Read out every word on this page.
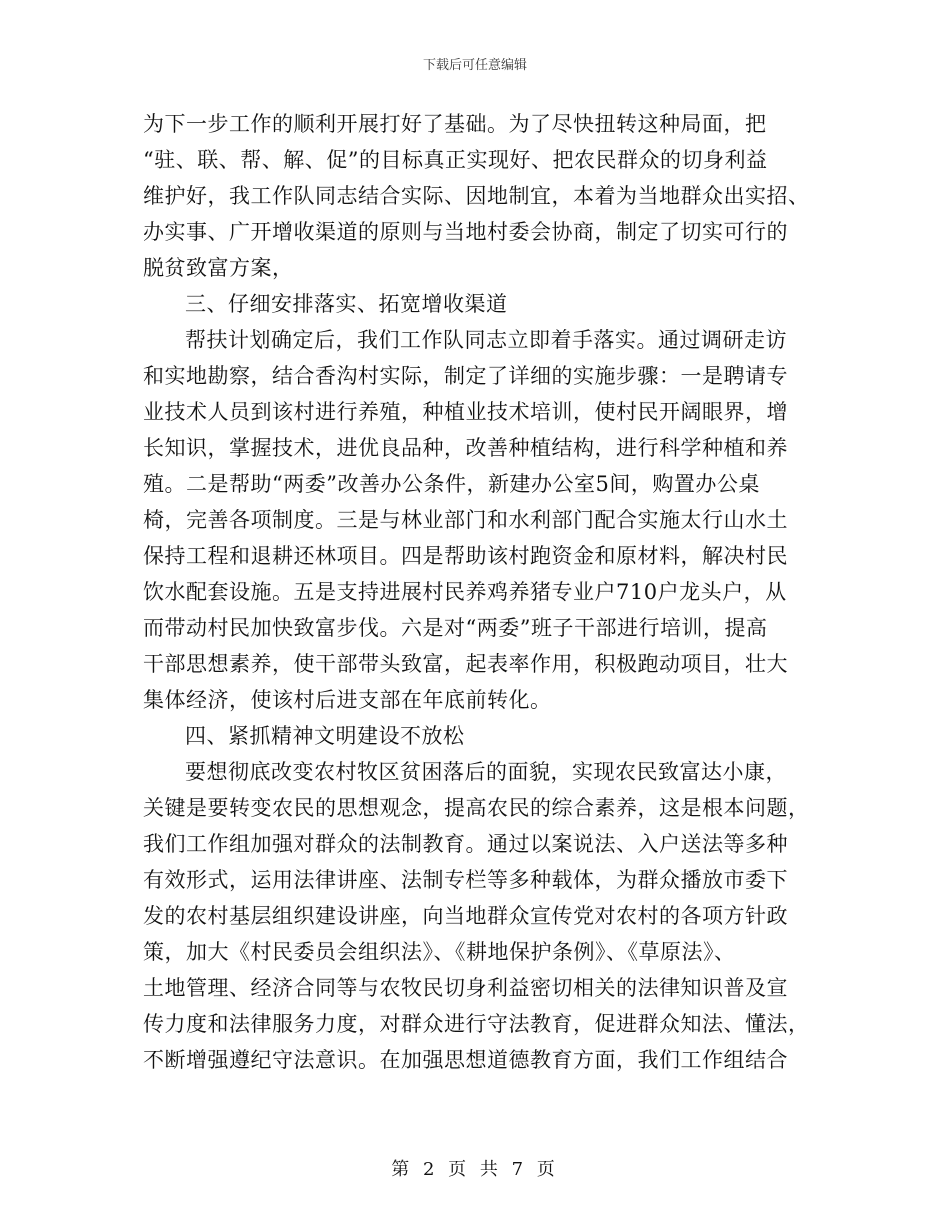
下载后可任意编辑
为下一步工作的顺利开展打好了基础。为了尽快扭转这种局面，把
“驻、联、帮、解、促”的目标真正实现好、把农民群众的切身利益
维护好，我工作队同志结合实际、因地制宜，本着为当地群众出实招、
办实事、广开增收渠道的原则与当地村委会协商，制定了切实可行的
脱贫致富方案，
三、仔细安排落实、拓宽增收渠道
帮扶计划确定后，我们工作队同志立即着手落实。通过调研走访
和实地勘察，结合香沟村实际，制定了详细的实施步骤：一是聘请专
业技术人员到该村进行养殖，种植业技术培训，使村民开阔眼界，增
长知识，掌握技术，进优良品种，改善种植结构，进行科学种植和养
殖。二是帮助“两委”改善办公条件，新建办公室5间，购置办公桌
椅，完善各项制度。三是与林业部门和水利部门配合实施太行山水土
保持工程和退耕还林项目。四是帮助该村跑资金和原材料，解决村民
饮水配套设施。五是支持进展村民养鸡养猪专业户710户龙头户，从
而带动村民加快致富步伐。六是对“两委”班子干部进行培训，提高
干部思想素养，使干部带头致富，起表率作用，积极跑动项目，壮大
集体经济，使该村后进支部在年底前转化。
四、紧抓精神文明建设不放松
要想彻底改变农村牧区贫困落后的面貌，实现农民致富达小康，
关键是要转变农民的思想观念，提高农民的综合素养，这是根本问题，
我们工作组加强对群众的法制教育。通过以案说法、入户送法等多种
有效形式，运用法律讲座、法制专栏等多种载体，为群众播放市委下
发的农村基层组织建设讲座，向当地群众宣传党对农村的各项方针政
策，加大《村民委员会组织法》、《耕地保护条例》、《草原法》、
土地管理、经济合同等与农牧民切身利益密切相关的法律知识普及宣
传力度和法律服务力度，对群众进行守法教育，促进群众知法、懂法，
不断增强遵纪守法意识。在加强思想道德教育方面，我们工作组结合
第 2 页 共 7 页
